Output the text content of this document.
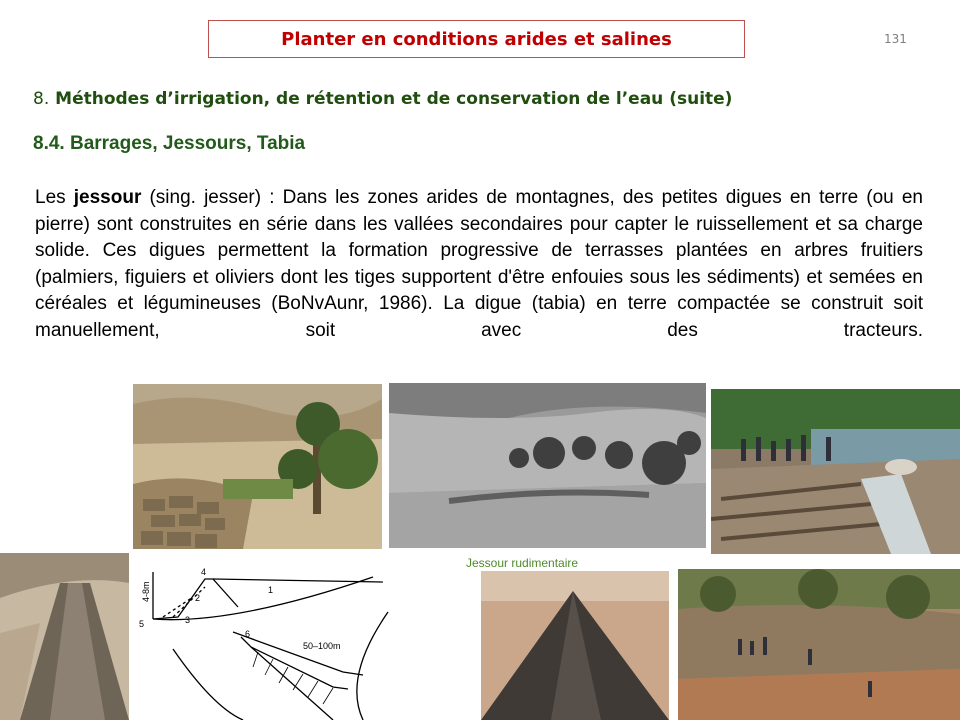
Planter en conditions arides et salines	131
8. Méthodes d’irrigation, de rétention et de conservation de l’eau (suite)
8.4. Barrages, Jessours, Tabia
Les jessour (sing. jesser) : Dans les zones arides de montagnes, des petites digues en terre (ou en pierre) sont construites en série dans les vallées secondaires pour capter le ruissellement et sa charge solide. Ces digues permettent la formation progressive de terrasses plantées en arbres fruitiers (palmiers, figuiers et oliviers dont les tiges supportent d'être enfouies sous les sédiments) et semées en céréales et légumineuses (BoNvAunr, 1986). La digue (tabia) en terre compactée se construit soit manuellement, soit avec des tracteurs.
4-8m
50–100m
4
2
1
5	3
6
Jessour rudimentaire
